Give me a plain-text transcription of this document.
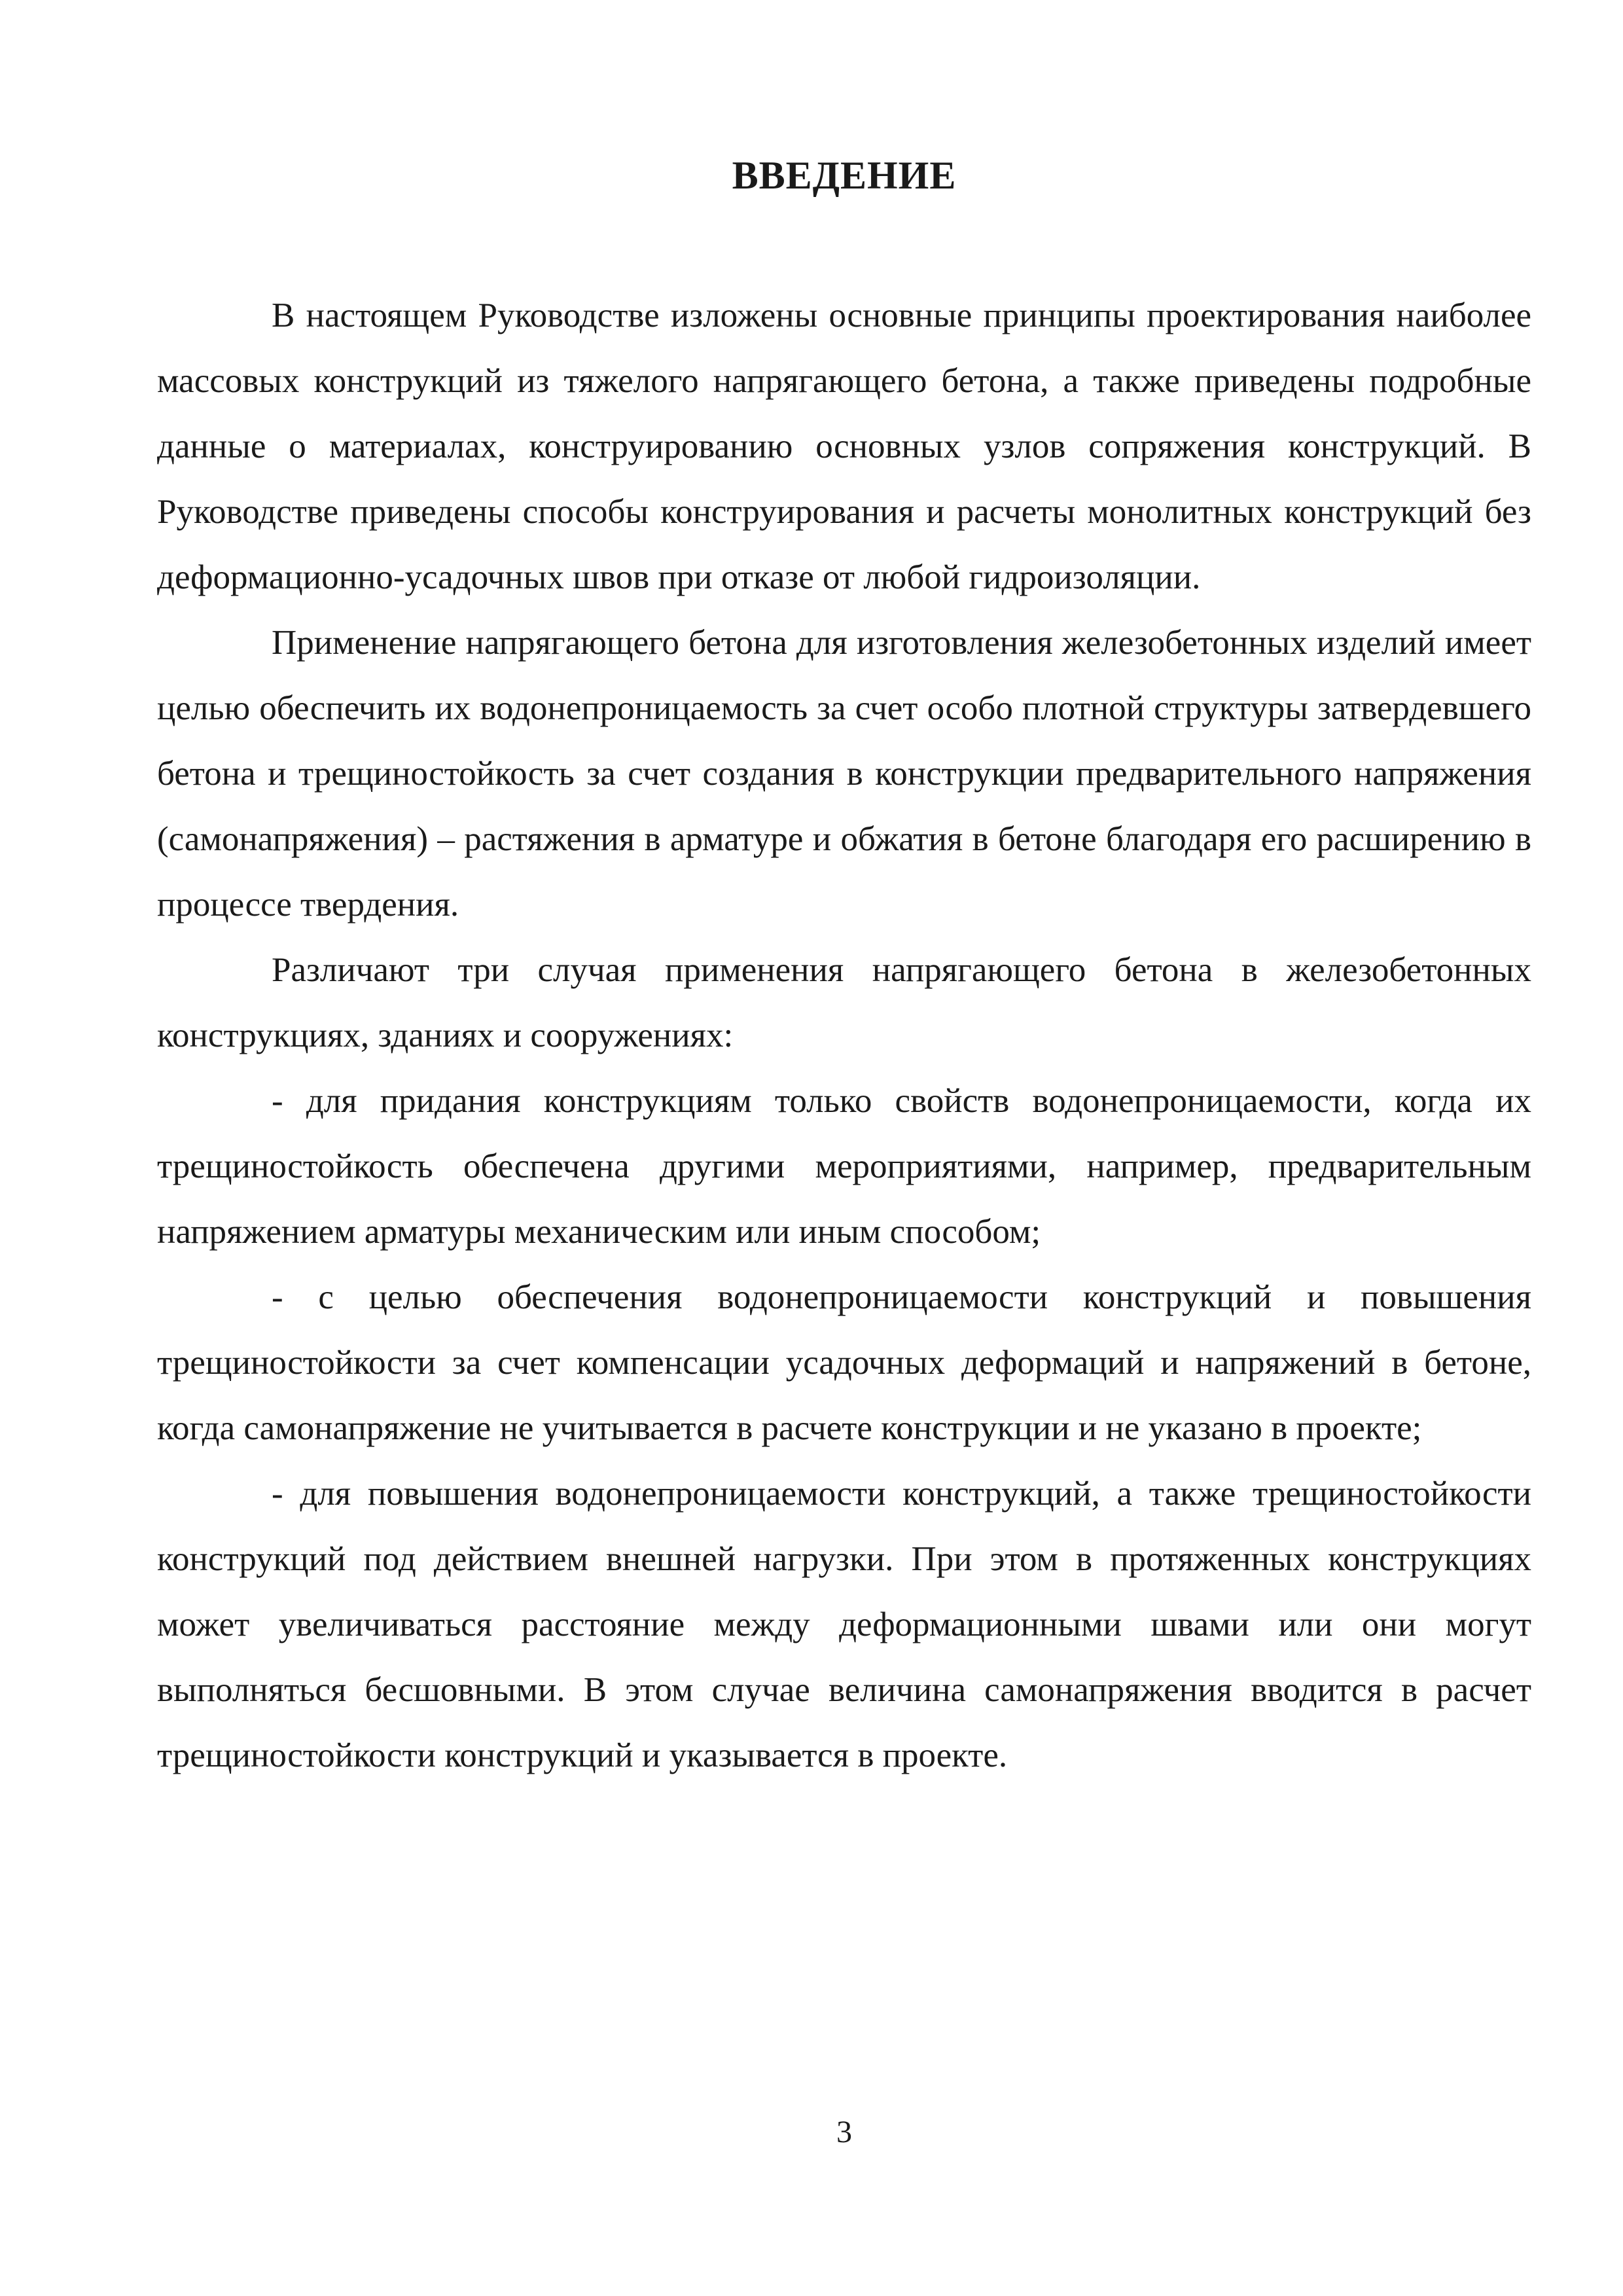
ВВЕДЕНИЕ

В настоящем Руководстве изложены основные принципы проектирования наиболее массовых конструкций из тяжелого напрягающего бетона, а также приведены подробные данные о материалах, конструированию основных узлов сопряжения конструкций. В Руководстве приведены способы конструирования и расчеты монолитных конструкций без деформационно-усадочных швов при отказе от любой гидроизоляции.

Применение напрягающего бетона для изготовления железобетонных изделий имеет целью обеспечить их водонепроницаемость за счет особо плотной структуры затвердевшего бетона и трещиностойкость за счет создания в конструкции предварительного напряжения (самонапряжения) – растяжения в арматуре и обжатия в бетоне благодаря его расширению в процессе твердения.

Различают три случая применения напрягающего бетона в железобетонных конструкциях, зданиях и сооружениях:

- для придания конструкциям только свойств водонепроницаемости, когда их трещиностойкость обеспечена другими мероприятиями, например, предварительным напряжением арматуры механическим или иным способом;

- с целью обеспечения водонепроницаемости конструкций и повышения трещиностойкости за счет компенсации усадочных деформаций и напряжений в бетоне, когда самонапряжение не учитывается в расчете конструкции и не указано в проекте;

- для повышения водонепроницаемости конструкций, а также трещиностойкости конструкций под действием внешней нагрузки. При этом в протяженных конструкциях может увеличиваться расстояние между деформационными швами или они могут выполняться бесшовными. В этом случае величина самонапряжения вводится в расчет трещиностойкости конструкций и указывается в проекте.

3
